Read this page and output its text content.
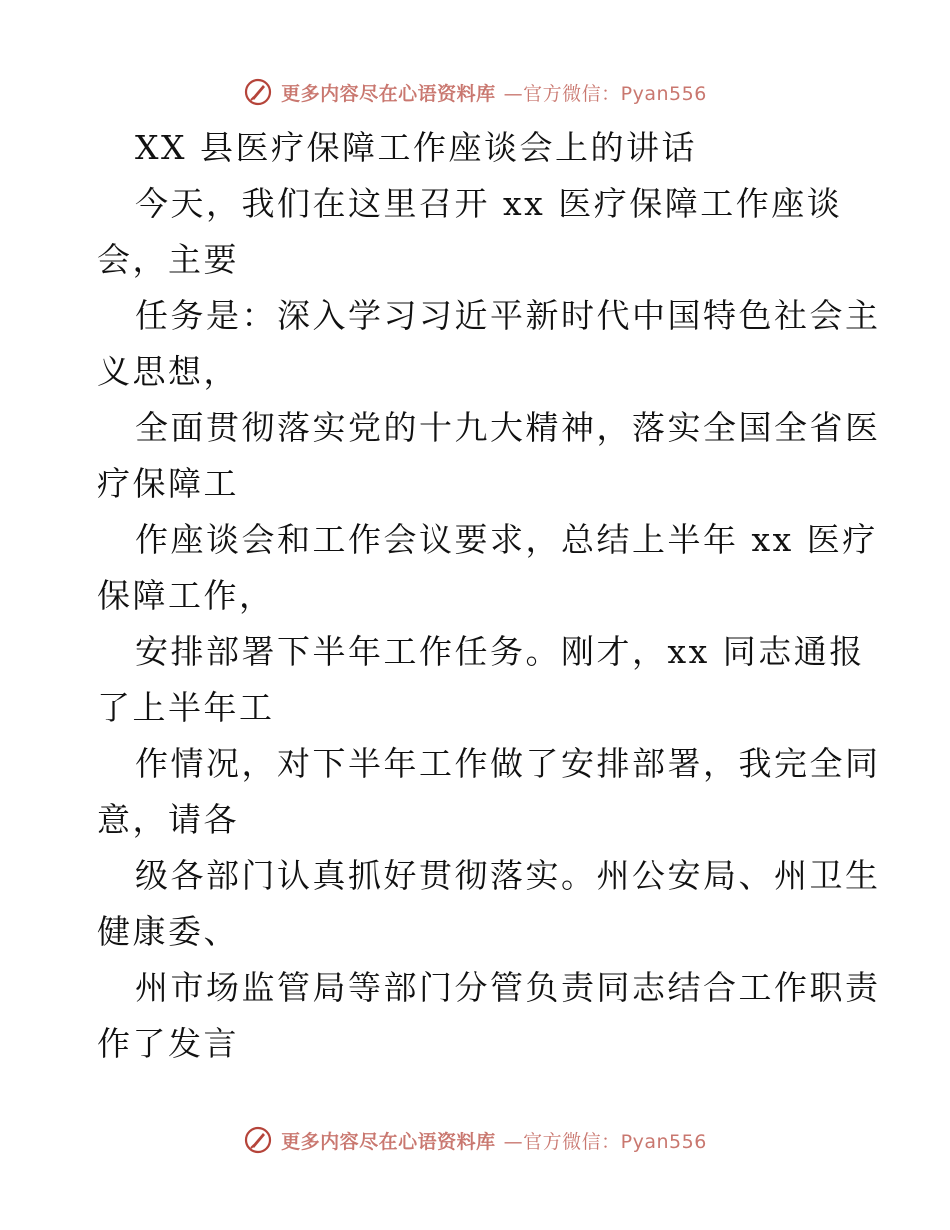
更多内容尽在心语资料库 —官方微信：Pyan556
XX 县医疗保障工作座谈会上的讲话
今天，我们在这里召开 xx 医疗保障工作座谈
会，主要
任务是：深入学习习近平新时代中国特色社会主
义思想，
全面贯彻落实党的十九大精神，落实全国全省医
疗保障工
作座谈会和工作会议要求，总结上半年 xx 医疗
保障工作，
安排部署下半年工作任务。刚才，xx 同志通报
了上半年工
作情况，对下半年工作做了安排部署，我完全同
意，请各
级各部门认真抓好贯彻落实。州公安局、州卫生
健康委、
州市场监管局等部门分管负责同志结合工作职责
作了发言
更多内容尽在心语资料库 —官方微信：Pyan556
